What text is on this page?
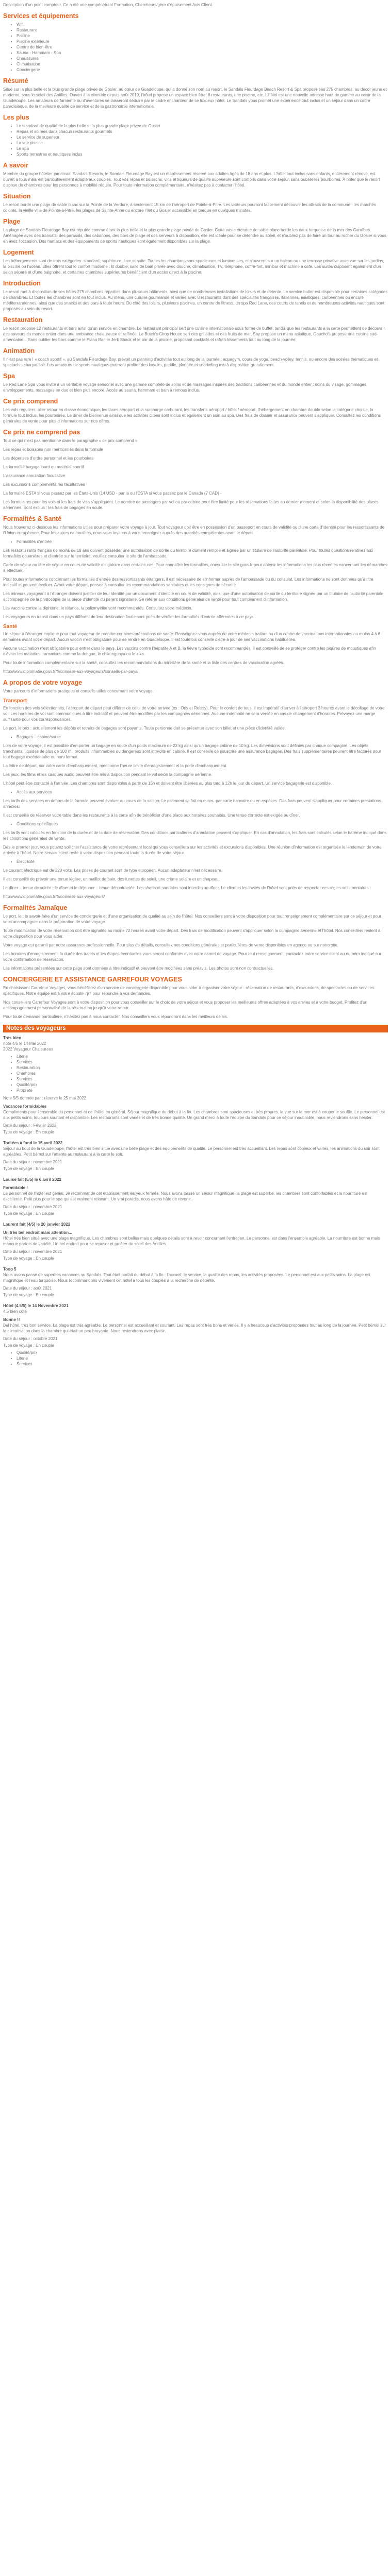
Description d'un point compteur. Ce a été une compénétrant Formation, Chercheurs/gère d'épuisement Avis Client

Services et équipements
• Wifi
• Restaurant
• Piscine
• Piscine extérieure
• Centre de bien-être
• Sauna - Hammam - Spa
• Chaussures
• Climatisation
• Conciergerie
Résumé

Situé sur la plus belle et la plus grande plage privée de Gosier, au cœur de Guadeloupe, qui a donné son nom au resort, le Sandals Fleurdage Beach Resort & Spa propose ses 275 chambres, au décor jeune et moderne, sous le soleil des Antilles. Ouvert à la clientèle depuis août 2019, l'hôtel propose un espace bien-être, 8 restaurants, une piscine, etc. L'hôtel est une nouvelle adresse haut de gamme au cœur de la Guadeloupe. Les amateurs de farniente ou d'aventures se laisseront séduire par le cadre enchanteur de ce luxueux hôtel. Le Sandals vous promet une expérience tout inclus et un séjour dans un cadre paradisiaque, de la meilleure qualité de service et de la gastronomie internationale.

Les plus
• Le standard de qualité de la plus belle et la plus grande plage privée de Gosier
• Repas et soirées dans chacun restaurants gourmets
• Le service de superieur
• La vue piscine
• Le spa
• Sports terrestres et nautiques inclus
A savoir

Membre du groupe hôtelier jamaïcain Sandals Resorts, le Sandals Fleurdage Bay est un établissement réservé aux adultes âgés de 18 ans et plus. L'hôtel tout inclus sans enfants, entièrement rénové, est ouvert à tous mais est particulièrement adapté aux couples. Tout vos repas et boissons, vins et liqueurs de qualité supérieure sont compris dans votre séjour, sans oublier les pourboires. À noter que le resort dispose de chambres pour les personnes à mobilité réduite. Pour toute information complémentaire, n'hésitez pas à contacter l'hôtel.

Situation

Le resort bordé une plage de sable blanc sur la Pointe de la Verdure, à seulement 15 km de l'aéroport de Pointe-à-Pitre. Les visiteurs pourront facilement découvrir les attraits de la commune : les marchés colorés, la vieille ville de Pointe-à-Pitre, les plages de Sainte-Anne ou encore l'îlet du Gosier accessible en barque en quelques minutes.

Plage

La plage de Sandals Fleurdage Bay est réputée comme étant la plus belle et la plus grande plage privée de Gosier. Cette vaste étendue de sable blanc borde les eaux turquoise de la mer des Caraïbes. Aménagée avec des transats, des parasols, des cabanons, des bars de plage et des serveurs à disposition, elle est idéale pour se détendre au soleil, et n'oubliez pas de faire un tour au rocher du Gosier si vous en avez l'occasion. Des hamacs et des équipements de sports nautiques sont également disponibles sur la plage.

Logement

Les hébergements sont de trois catégories: standard, supérieure, luxe et suite. Toutes les chambres sont spacieuses et lumineuses, et s'ouvrent sur un balcon ou une terrasse privative avec vue sur les jardins, la piscine ou l'océan. Elles offrent tout le confort moderne : lit double, salle de bain privée avec douche, climatisation, TV, téléphone, coffre-fort, minibar et machine à café. Les suites disposent également d'un salon séparé et d'une baignoire, et certaines chambres supérieures bénéficient d'un accès direct à la piscine.

Introduction

Le resort met à disposition de ses hôtes 275 chambres réparties dans plusieurs bâtiments, ainsi que de nombreuses installations de loisirs et de détente. Le service butler est disponible pour certaines catégories de chambres. Et toutes les chambres sont en tout inclus. Au menu, une cuisine gourmande et variée avec 8 restaurants dont des spécialités françaises, italiennes, asiatiques, caribéennes ou encore méditerranéennes, ainsi que des snacks et des bars à toute heure. Du côté des loisirs, plusieurs piscines, un centre de fitness, un spa Red Lane, des courts de tennis et de nombreuses activités nautiques sont proposés au sein du resort.

Restauration

Le resort propose 12 restaurants et bars ainsi qu'un service en chambre. Le restaurant principal sert une cuisine internationale sous forme de buffet, tandis que les restaurants à la carte permettent de découvrir des saveurs du monde entier dans une ambiance chaleureuse et raffinée. Le Butch's Chop House sert des grillades et des fruits de mer, Soy propose un menu asiatique, Gaucho's propose une cuisine sud-américaine... Sans oublier les bars comme le Piano Bar, le Jerk Shack et le bar de la piscine, proposant cocktails et rafraîchissements tout au long de la journée.

Animation

Il n'est pas rare ! « coach sportif », au Sandals Fleurdage Bay, prévoit un planning d'activités tout au long de la journée : aquagym, cours de yoga, beach-volley, tennis, ou encore des soirées thématiques et spectacles chaque soir. Les amateurs de sports nautiques pourront profiter des kayaks, paddle, plongée et snorkeling mis à disposition gratuitement.

Spa

Le Red Lane Spa vous invite à un véritable voyage sensoriel avec une gamme complète de soins et de massages inspirés des traditions caribéennes et du monde entier : soins du visage, gommages, enveloppements, massages en duo et bien plus encore. Accès au sauna, hammam et bain à remous inclus.

Ce prix comprend

Les vols réguliers, aller-retour en classe économique, les taxes aéroport et la surcharge carburant, les transferts aéroport / hôtel / aéroport, l'hébergement en chambre double selon la catégorie choisie, la formule tout inclus, les pourboires. Le dîner de bienvenue ainsi que les activités citées sont inclus et également un soin au spa. Des frais de dossier et assurance peuvent s'appliquer. Consultez les conditions générales de vente pour plus d'informations sur nos offres.

Ce prix ne comprend pas

Tout ce qui n'est pas mentionné dans le paragraphe « ce prix comprend »

Les repas et boissons non mentionnés dans la formule

Les dépenses d'ordre personnel et les pourboires

La formalité bagage lourd ou matériel sportif

L'assurance annulation facultative

Les excursions complémentaires facultatives

La formalité ESTA si vous passez par les États-Unis (14 USD - par la ou l'ESTA si vous passez par le Canada (7 CAD) -

Les formulaires pour les vols et les frais de visa s'appliquent. Le nombre de passagers par vol ou par cabine peut être limité pour les réservations faites au dernier moment et selon la disponibilité des places aériennes. Sont exclus : les frais de bagages en soute.

Formalités & Santé

Nous trouverez ci-dessous les informations utiles pour préparer votre voyage à jour. Tout voyageur doit être en possession d'un passeport en cours de validité ou d'une carte d'identité pour les ressortissants de l'Union européenne. Pour les autres nationalités, nous vous invitons à vous renseigner auprès des autorités compétentes avant le départ.

• Formalités d'entrée

Les ressortissants français de moins de 18 ans doivent posséder une autorisation de sortie du territoire dûment remplie et signée par un titulaire de l'autorité parentale. Pour toutes questions relatives aux formalités douanières et d'entrée sur le territoire, veuillez consulter le site de l'ambassade.

Carte de séjour ou titre de séjour en cours de validité obligatoire dans certains cas. Pour connaître les formalités, consulter le site gouv.fr pour obtenir les informations les plus récentes concernant les démarches à effectuer.

Pour toutes informations concernant les formalités d'entrée des ressortissants étrangers, il est nécessaire de s'informer auprès de l'ambassade ou du consulat. Les informations ne sont données qu'à titre indicatif et peuvent évoluer. Avant votre départ, pensez à consulter les recommandations sanitaires et les consignes de sécurité.

Les mineurs voyageant à l'étranger doivent justifier de leur identité par un document d'identité en cours de validité, ainsi que d'une autorisation de sortie du territoire signée par un titulaire de l'autorité parentale accompagnée de la photocopie de la pièce d'identité du parent signataire. Se référer aux conditions générales de vente pour tout complément d'information.

Les vaccins contre la diphtérie, le tétanos, la poliomyélite sont recommandés. Consultez votre médecin.

Les voyageurs en transit dans un pays différent de leur destination finale sont priés de vérifier les formalités d'entrée afférentes à ce pays.

Santé

Un séjour à l'étranger implique pour tout voyageur de prendre certaines précautions de santé. Renseignez-vous auprès de votre médecin traitant ou d'un centre de vaccinations internationales au moins 4 à 6 semaines avant votre départ. Aucun vaccin n'est obligatoire pour se rendre en Guadeloupe. Il est toutefois conseillé d'être à jour de ses vaccinations habituelles.

Aucune vaccination n'est obligatoire pour entrer dans le pays. Les vaccins contre l'hépatite A et B, la fièvre typhoïde sont recommandés. Il est conseillé de se protéger contre les piqûres de moustiques afin d'éviter les maladies transmises comme la dengue, le chikungunya ou le zika.

Pour toute information complémentaire sur la santé, consultez les recommandations du ministère de la santé et la liste des centres de vaccination agréés.

http://www.diplomatie.gouv.fr/fr/conseils-aux-voyageurs/conseils-par-pays/

A propos de votre voyage

Votre parcours d'informations pratiques et conseils utiles concernant votre voyage.

Transport

En fonction des vols sélectionnés, l'aéroport de départ peut différer de celui de votre arrivée (ex : Orly et Roissy). Pour le confort de tous, il est impératif d'arriver à l'aéroport 3 heures avant le décollage de votre vol. Les horaires de vol sont communiqués à titre indicatif et peuvent être modifiés par les compagnies aériennes. Aucune indemnité ne sera versée en cas de changement d'horaires. Prévoyez une marge suffisante pour vos correspondances.

Le port, le prix : actuellement les dépôts et retraits de bagages sont payants. Toute personne doit se présenter avec son billet et une pièce d'identité valide.

• Bagages – cabine/soute

Lors de votre voyage, il est possible d'emporter un bagage en soute d'un poids maximum de 23 kg ainsi qu'un bagage cabine de 10 kg. Les dimensions sont définies par chaque compagnie. Les objets tranchants, liquides de plus de 100 ml, produits inflammables ou dangereux sont interdits en cabine. Il est conseillé de souscrire une assurance bagages. Des frais supplémentaires peuvent être facturés pour tout bagage excédentaire ou hors format.

La lettre de départ, sur votre carte d'embarquement, mentionne l'heure limite d'enregistrement et la porte d'embarquement.

Les jeux, les films et les casques audio peuvent être mis à disposition pendant le vol selon la compagnie aérienne.

L'hôtel peut être contacté à l'arrivée. Les chambres sont disponibles à partir de 15h et doivent être libérées au plus tard à 12h le jour du départ. Un service bagagerie est disponible.

• Accès aux services

Les tarifs des services en dehors de la formule peuvent évoluer au cours de la saison. Le paiement se fait en euros, par carte bancaire ou en espèces. Des frais peuvent s'appliquer pour certaines prestations annexes.

Il est conseillé de réserver votre table dans les restaurants à la carte afin de bénéficier d'une place aux horaires souhaités. Une tenue correcte est exigée au dîner.

• Conditions spécifiques

Les tarifs sont calculés en fonction de la durée et de la date de réservation. Des conditions particulières d'annulation peuvent s'appliquer. En cas d'annulation, les frais sont calculés selon le barème indiqué dans les conditions générales de vente.

Dès le premier jour, vous pouvez solliciter l'assistance de votre représentant local qui vous conseillera sur les activités et excursions disponibles. Une réunion d'information est organisée le lendemain de votre arrivée à l'hôtel. Notre service client reste à votre disposition pendant toute la durée de votre séjour.

• Électricité

Le courant électrique est de 220 volts. Les prises de courant sont de type européen. Aucun adaptateur n'est nécessaire.

Il est conseillé de prévoir une tenue légère, un maillot de bain, des lunettes de soleil, une crème solaire et un chapeau.

Le dîner – tenue de soirée ; le dîner et le déjeuner – tenue décontractée. Les shorts et sandales sont interdits au dîner. Le client et les invités de l'hôtel sont priés de respecter ces règles vestimentaires.

http://www.diplomatie.gouv.fr/fr/conseils-aux-voyageurs/

Formalités Jamaïque

Le port, le : le savoir-faire d'un service de conciergerie et d'une organisation de qualité au sein de l'hôtel. Nos conseillers sont à votre disposition pour tout renseignement complémentaire sur ce séjour et pour vous accompagner dans la préparation de votre voyage.

Toute modification de votre réservation doit être signalée au moins 72 heures avant votre départ. Des frais de modification peuvent s'appliquer selon la compagnie aérienne et l'hôtel. Nos conseillers restent à votre disposition pour vous aider.

Votre voyage est garanti par notre assurance professionnelle. Pour plus de détails, consultez nos conditions générales et particulières de vente disponibles en agence ou sur notre site.

Les horaires d'enregistrement, la durée des trajets et les étapes éventuelles vous seront confirmés avec votre carnet de voyage. Pour tout renseignement, contactez notre service client au numéro indiqué sur votre confirmation de réservation.

Les informations présentées sur cette page sont données à titre indicatif et peuvent être modifiées sans préavis. Les photos sont non contractuelles.

CONCIERGERIE ET ASSISTANCE GARREFOUR VOYAGES

En choisissant Carrefour Voyages, vous bénéficiez d'un service de conciergerie disponible pour vous aider à organiser votre séjour : réservation de restaurants, d'excursions, de spectacles ou de services spécifiques. Notre équipe est à votre écoute 7j/7 pour répondre à vos demandes.

Nos conseillers Carrefour Voyages sont à votre disposition pour vous conseiller sur le choix de votre séjour et vous proposer les meilleures offres adaptées à vos envies et à votre budget. Profitez d'un accompagnement personnalisé de la réservation jusqu'à votre retour.

Pour toute demande particulière, n'hésitez pas à nous contacter. Nos conseillers vous répondront dans les meilleurs délais.

Notes des voyageurs

Très bien

note 4/5 le 14 Mai 2022

2022 Voyageur Chaleureux

• Literie
• Services
• Restauration
• Chambres
• Services
• Qualité/prix
• Propreté

Note 5/5 donnée par : réservé le 25 mai 2022

Vacances formidables

Compliments pour l'ensemble du personnel et de l'hôtel en général. Séjour magnifique du début à la fin. Les chambres sont spacieuses et très propres, la vue sur la mer est à couper le souffle. Le personnel est aux petits soins, toujours souriant et disponible. Les restaurants sont variés et de très bonne qualité. Un grand merci à toute l'équipe du Sandals pour ce séjour inoubliable, nous reviendrons sans hésiter.

Date du séjour : Février 2022

Type de voyage : En couple

Traitées à fond le 15 avril 2022

Séjour au bout de la Guadeloupe, l'hôtel est très bien situé avec une belle plage et des équipements de qualité. Le personnel est très accueillant. Les repas sont copieux et variés, les animations du soir sont agréables. Petit bémol sur l'attente au restaurant à la carte le soir.

Date du séjour : novembre 2021

Type de voyage : En couple

Louise fait (5/5) le 6 avril 2022

Formidable !

Le personnel de l'hôtel est génial. Je recommande cet établissement les yeux fermés. Nous avons passé un séjour magnifique, la plage est superbe, les chambres sont confortables et la nourriture est excellente. Petit plus pour le spa qui est vraiment relaxant. Un vrai paradis, nous avons hâte de revenir.

Date du séjour : novembre 2021

Type de voyage : En couple

Laurent fait (4/5) le 20 janvier 2022

Un très bel endroit mais attention...

Hôtel très bien situé avec une plage magnifique. Les chambres sont belles mais quelques détails sont à revoir concernant l'entretien. Le personnel est dans l'ensemble agréable. La nourriture est bonne mais manque parfois de variété. Un bel endroit pour se reposer et profiter du soleil des Antilles.

Date du séjour : novembre 2021

Type de voyage : En couple

Toop 5

Nous avons passé de superbes vacances au Sandals. Tout était parfait du début à la fin : l'accueil, le service, la qualité des repas, les activités proposées. Le personnel est aux petits soins. La plage est magnifique et l'eau turquoise. Nous recommandons vivement cet hôtel à tous les couples à la recherche de détente.

Date du séjour : août 2021

Type de voyage : En couple

Hôtel (4.5/5) le 14 Novembre 2021

4.5 bien côté

Bonne !!

Bel hôtel, très bon service. La plage est très agréable. Le personnel est accueillant et souriant. Les repas sont très bons et variés. Il y a beaucoup d'activités proposées tout au long de la journée. Petit bémol sur la climatisation dans la chambre qui était un peu bruyante. Nous reviendrons avec plaisir.

Date du séjour : octobre 2021

Type de voyage : En couple

• Qualité/prix
• Literie
• Services
